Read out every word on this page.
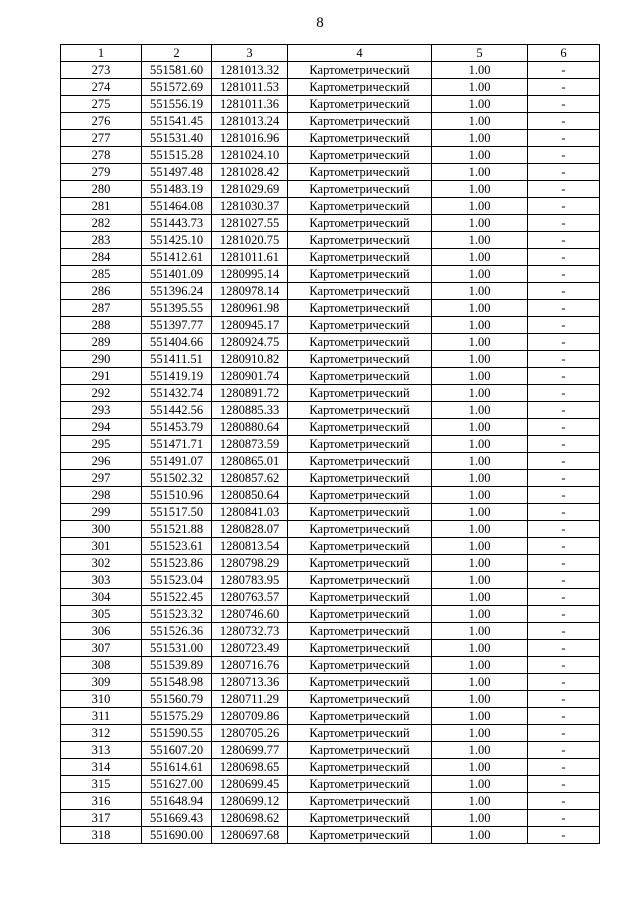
8
1	2	3	4	5	6
273	551581.60	1281013.32	Картометрический	1.00	-
274	551572.69	1281011.53	Картометрический	1.00	-
275	551556.19	1281011.36	Картометрический	1.00	-
276	551541.45	1281013.24	Картометрический	1.00	-
277	551531.40	1281016.96	Картометрический	1.00	-
278	551515.28	1281024.10	Картометрический	1.00	-
279	551497.48	1281028.42	Картометрический	1.00	-
280	551483.19	1281029.69	Картометрический	1.00	-
281	551464.08	1281030.37	Картометрический	1.00	-
282	551443.73	1281027.55	Картометрический	1.00	-
283	551425.10	1281020.75	Картометрический	1.00	-
284	551412.61	1281011.61	Картометрический	1.00	-
285	551401.09	1280995.14	Картометрический	1.00	-
286	551396.24	1280978.14	Картометрический	1.00	-
287	551395.55	1280961.98	Картометрический	1.00	-
288	551397.77	1280945.17	Картометрический	1.00	-
289	551404.66	1280924.75	Картометрический	1.00	-
290	551411.51	1280910.82	Картометрический	1.00	-
291	551419.19	1280901.74	Картометрический	1.00	-
292	551432.74	1280891.72	Картометрический	1.00	-
293	551442.56	1280885.33	Картометрический	1.00	-
294	551453.79	1280880.64	Картометрический	1.00	-
295	551471.71	1280873.59	Картометрический	1.00	-
296	551491.07	1280865.01	Картометрический	1.00	-
297	551502.32	1280857.62	Картометрический	1.00	-
298	551510.96	1280850.64	Картометрический	1.00	-
299	551517.50	1280841.03	Картометрический	1.00	-
300	551521.88	1280828.07	Картометрический	1.00	-
301	551523.61	1280813.54	Картометрический	1.00	-
302	551523.86	1280798.29	Картометрический	1.00	-
303	551523.04	1280783.95	Картометрический	1.00	-
304	551522.45	1280763.57	Картометрический	1.00	-
305	551523.32	1280746.60	Картометрический	1.00	-
306	551526.36	1280732.73	Картометрический	1.00	-
307	551531.00	1280723.49	Картометрический	1.00	-
308	551539.89	1280716.76	Картометрический	1.00	-
309	551548.98	1280713.36	Картометрический	1.00	-
310	551560.79	1280711.29	Картометрический	1.00	-
311	551575.29	1280709.86	Картометрический	1.00	-
312	551590.55	1280705.26	Картометрический	1.00	-
313	551607.20	1280699.77	Картометрический	1.00	-
314	551614.61	1280698.65	Картометрический	1.00	-
315	551627.00	1280699.45	Картометрический	1.00	-
316	551648.94	1280699.12	Картометрический	1.00	-
317	551669.43	1280698.62	Картометрический	1.00	-
318	551690.00	1280697.68	Картометрический	1.00	-
